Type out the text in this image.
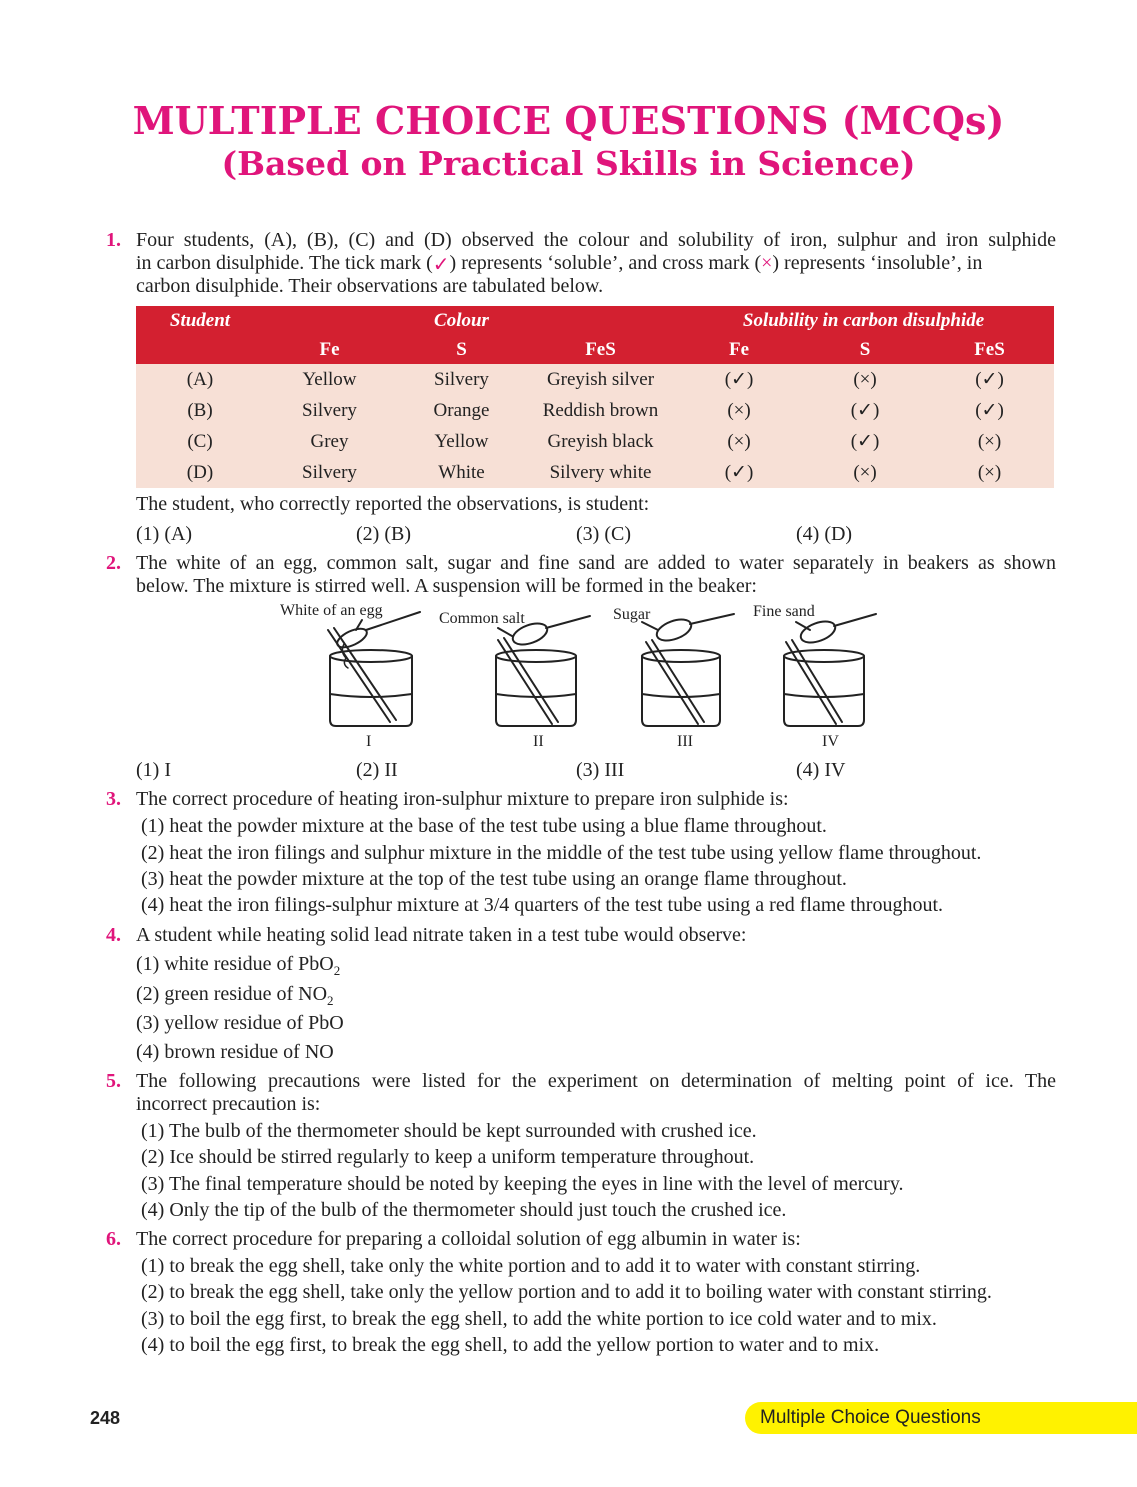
MULTIPLE CHOICE QUESTIONS (MCQs)
(Based on Practical Skills in Science)
1. Four students, (A), (B), (C) and (D) observed the colour and solubility of iron, sulphur and iron sulphide
in carbon disulphide. The tick mark ( ✓ ) represents ‘soluble’, and cross mark ( × ) represents ‘insoluble’, in
carbon disulphide. Their observations are tabulated below.
Student		Colour		Solubility in carbon disulphide		
	Fe	S	FeS	Fe	S	FeS
(A)	Yellow	Silvery	Greyish silver	(✓)	(×)	(✓)
(B)	Silvery	Orange	Reddish brown	(×)	(✓)	(✓)
(C)	Grey	Yellow	Greyish black	(×)	(✓)	(×)
(D)	Silvery	White	Silvery white	(✓)	(×)	(×)
The student, who correctly reported the observations, is student:
(1) (A)	(2) (B)	(3) (C)	(4) (D)
2. The white of an egg, common salt, sugar and fine sand are added to water separately in beakers as shown
below. The mixture is stirred well. A suspension will be formed in the beaker:
White of an egg	Common salt	Sugar	Fine sand
I	II	III	IV
(1) I	(2) II	(3) III	(4) IV
3. The correct procedure of heating iron-sulphur mixture to prepare iron sulphide is:
(1) heat the powder mixture at the base of the test tube using a blue flame throughout.
(2) heat the iron filings and sulphur mixture in the middle of the test tube using yellow flame throughout.
(3) heat the powder mixture at the top of the test tube using an orange flame throughout.
(4) heat the iron filings-sulphur mixture at 3/4 quarters of the test tube using a red flame throughout.
4. A student while heating solid lead nitrate taken in a test tube would observe:
(1) white residue of PbO$_2$
(2) green residue of $NO_2$
(3) yellow residue of PbO
(4) brown residue of NO
5. The following precautions were listed for the experiment on determination of melting point of ice. The
incorrect precaution is:
(1) The bulb of the thermometer should be kept surrounded with crushed ice.
(2) Ice should be stirred regularly to keep a uniform temperature throughout.
(3) The final temperature should be noted by keeping the eyes in line with the level of mercury.
(4) Only the tip of the bulb of the thermometer should just touch the crushed ice.
6. The correct procedure for preparing a colloidal solution of egg albumin in water is:
(1) to break the egg shell, take only the white portion and to add it to water with constant stirring.
(2) to break the egg shell, take only the yellow portion and to add it to boiling water with constant stirring.
(3) to boil the egg first, to break the egg shell, to add the white portion to ice cold water and to mix.
(4) to boil the egg first, to break the egg shell, to add the yellow portion to water and to mix.
248	Multiple Choice Questions
